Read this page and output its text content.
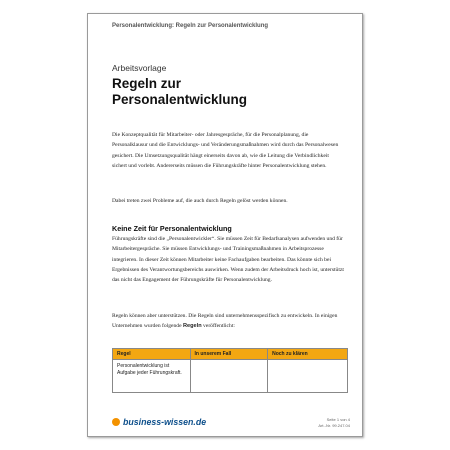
Personalentwicklung: Regeln zur Personalentwicklung
Arbeitsvorlage
Regeln zur
Personalentwicklung
Die Konzeptqualität für Mitarbeiter- oder Jahresgespräche, für die Personalplanung, die Personalklausur und die Entwicklungs- und Veränderungsmaßnahmen wird durch das Personalwesen gesichert. Die Umsetzungsqualität hängt einerseits davon ab, wie die Leitung die Verbindlichkeit sichert und vorlebt. Andererseits müssen die Führungskräfte hinter Personalentwicklung stehen.
Dabei treten zwei Probleme auf, die auch durch Regeln gelöst werden können.
Keine Zeit für Personalentwicklung
Führungskräfte sind die „Personalentwickler“. Sie müssen Zeit für Bedarfsanalysen aufwenden und für Mitarbeitergespräche. Sie müssen Entwicklungs- und Trainingsmaßnahmen in Arbeitsprozesse integrieren. In dieser Zeit können Mitarbeiter keine Fachaufgaben bearbeiten. Das könnte sich bei Ergebnissen des Verantwortungsbereichs auswirken. Wenn zudem der Arbeitsdruck hoch ist, unterstützt das nicht das Engagement der Führungskräfte für Personalentwicklung.
Regeln können aber unterstützen. Die Regeln sind unternehmensspezifisch zu entwickeln. In einigen Unternehmen wurden folgende Regeln veröffentlicht:
Regel	In unserem Fall	Noch zu klären
Personalentwicklung ist Aufgabe jeder Führungskraft.		
business-wissen.de	Seite 1 von 4
Art.-Nr. 99.247.04
